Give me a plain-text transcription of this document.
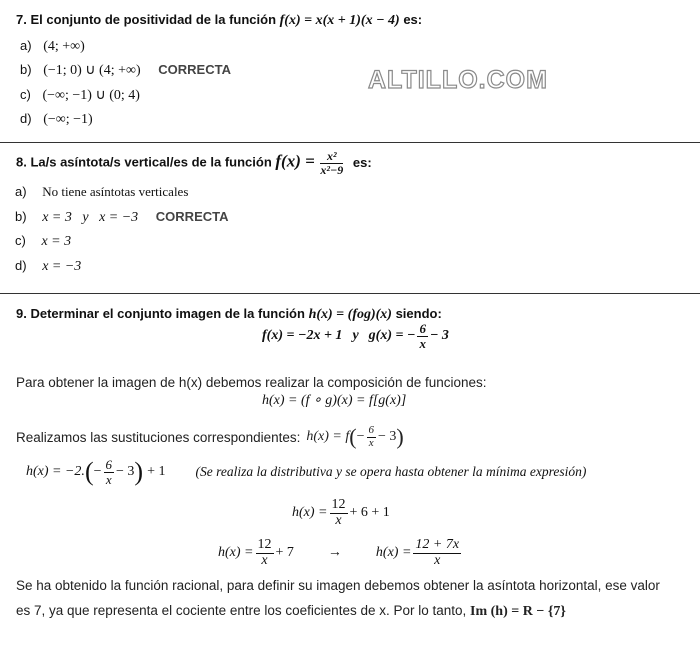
ALTILLO.COM
7. El conjunto de positividad de la función f(x) = x(x + 1)(x − 4) es:
a) (4; +∞)
b) (−1; 0) ∪ (4; +∞) CORRECTA
c) (−∞; −1) ∪ (0; 4)
d) (−∞; −1)
8. La/s asíntota/s vertical/es de la función $f(x) = \frac{\text{x²}}{\text{x²−9}}$ es:
a) No tiene asíntotas verticales
b) x = 3   y   x = −3 CORRECTA
c) x = 3
d) x = −3
9. Determinar el conjunto imagen de la función h(x) = (fog)(x) siendo:
f(x) = −2x + 1 y g(x) = − $\frac{6}{x} - 3$
Para obtener la imagen de h(x) debemos realizar la composición de funciones:
h(x) = (f ∘ g)(x) = f[g(x)]
Realizamos las sustituciones correspondientes: h(x) = f ( − $\frac{6}{x} - 3$ )
h(x) = −2. ( − $\frac{6}{x} - 3$ ) + 1 (Se realiza la distributiva y se opera hasta obtener la mínima expresión)
$h(x) = \frac{12}{x} + 6 + 1$
$h(x) = \frac{12}{x} + 7 \to h(x) = \frac{12 + 7x}{x}$
Se ha obtenido la función racional, para definir su imagen debemos obtener la asíntota horizontal, ese valor
es 7, ya que representa el cociente entre los coeficientes de x. Por lo tanto, Im (h) = R − {7}
